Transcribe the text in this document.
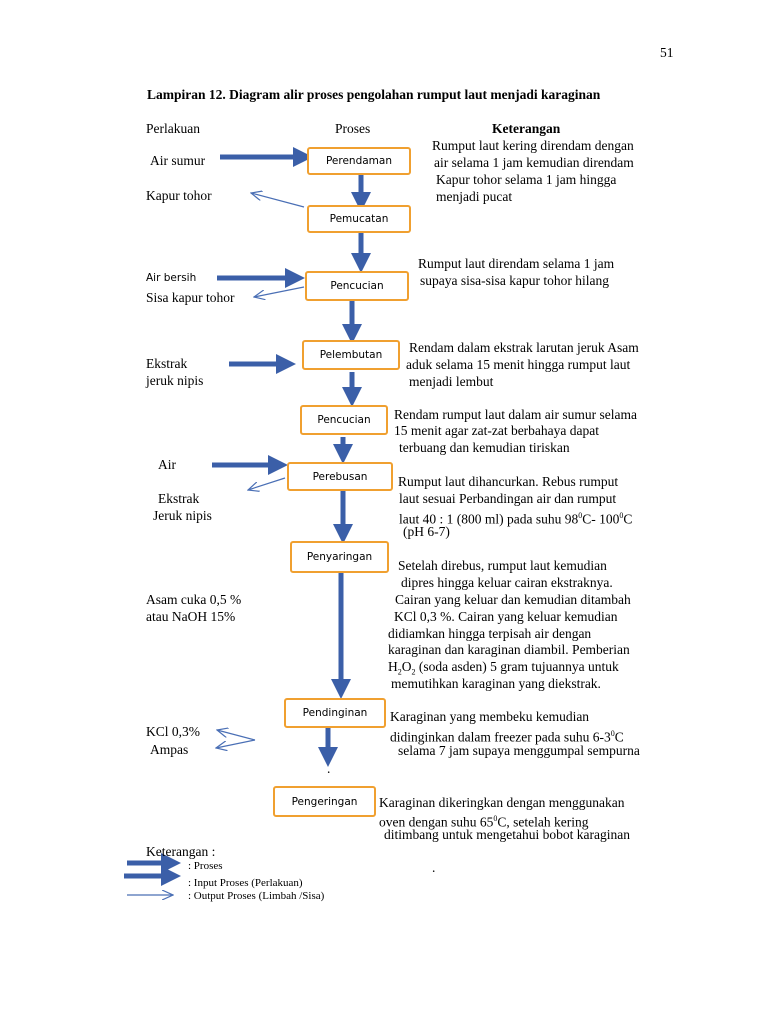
51
Lampiran 12. Diagram alir proses pengolahan rumput laut menjadi karaginan
Perlakuan	Proses	Keterangan
Perendaman
Pemucatan
Pencucian
Pelembutan
Pencucian
Perebusan
Penyaringan
Pendinginan
Pengeringan
Air sumur
Kapur tohor
Air bersih
Sisa kapur tohor
Ekstrak
jeruk nipis
Air
Ekstrak
Jeruk nipis
Asam cuka 0,5 %
atau NaOH 15%
KCl 0,3%
Ampas
Rumput laut kering direndam dengan
air selama 1 jam kemudian direndam
Kapur tohor selama 1 jam hingga
menjadi pucat
Rumput laut direndam selama 1 jam
supaya sisa-sisa kapur tohor hilang
Rendam dalam ekstrak larutan jeruk Asam
aduk selama 15 menit hingga rumput laut
menjadi lembut
Rendam rumput laut dalam air sumur selama
15 menit agar zat-zat berbahaya dapat
terbuang dan kemudian tiriskan
Rumput laut dihancurkan. Rebus rumput
laut sesuai Perbandingan air dan rumput
laut 40 : 1 (800 ml) pada suhu $98^0C-$ $100^0C$
(pH 6-7)
Setelah direbus, rumput laut kemudian
dipres hingga keluar cairan ekstraknya.
Cairan yang keluar dan kemudian ditambah
KCl 0,3 %. Cairan yang keluar kemudian
didiamkan hingga terpisah air dengan
karaginan dan karaginan diambil. Pemberian
$H_2O_2$ (soda asden) 5 gram tujuannya untuk
memutihkan karaginan yang diekstrak.
Karaginan yang membeku kemudian
didinginkan dalam freezer pada suhu $6-3^0C$
selama 7 jam supaya menggumpal sempurna
.
Karaginan dikeringkan dengan menggunakan
oven dengan suhu $65^0C$, setelah kering
ditimbang untuk mengetahui bobot karaginan
Keterangan :
: Proses
: Input Proses (Perlakuan)
: Output Proses (Limbah /Sisa)
.
